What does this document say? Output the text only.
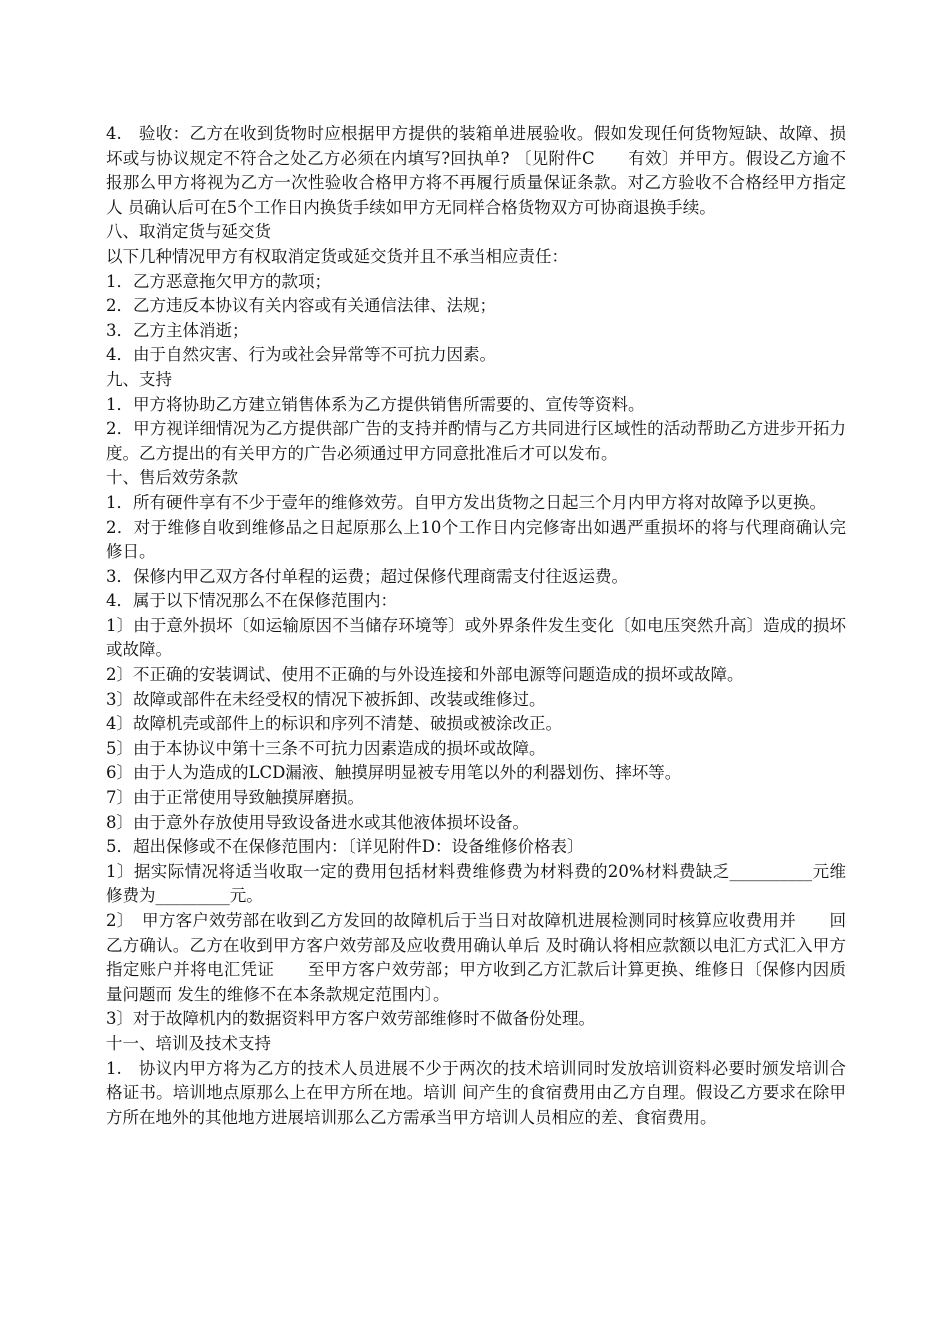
4.　验收：乙方在收到货物时应根据甲方提供的装箱单进展验收。假如发现任何货物短缺、故障、损坏或与协议规定不符合之处乙方必须在内填写?回执单? 〔见附件C　　有效〕并甲方。假设乙方逾不报那么甲方将视为乙方一次性验收合格甲方将不再履行质量保证条款。对乙方验收不合格经甲方指定人 员确认后可在5个工作日内换货手续如甲方无同样合格货物双方可协商退换手续。

八、取消定货与延交货

以下几种情况甲方有权取消定货或延交货并且不承当相应责任：

1．乙方恶意拖欠甲方的款项；

2．乙方违反本协议有关内容或有关通信法律、法规；

3．乙方主体消逝；

4．由于自然灾害、行为或社会异常等不可抗力因素。

九、支持

1．甲方将协助乙方建立销售体系为乙方提供销售所需要的、宣传等资料。

2．甲方视详细情况为乙方提供部广告的支持并酌情与乙方共同进行区域性的活动帮助乙方进步开拓力度。乙方提出的有关甲方的广告必须通过甲方同意批准后才可以发布。

十、售后效劳条款

1．所有硬件享有不少于壹年的维修效劳。自甲方发出货物之日起三个月内甲方将对故障予以更换。

2．对于维修自收到维修品之日起原那么上10个工作日内完修寄出如遇严重损坏的将与代理商确认完修日。

3．保修内甲乙双方各付单程的运费；超过保修代理商需支付往返运费。

4．属于以下情况那么不在保修范围内：

1〕由于意外损坏〔如运输原因不当储存环境等〕或外界条件发生变化〔如电压突然升高〕造成的损坏或故障。

2〕不正确的安装调试、使用不正确的与外设连接和外部电源等问题造成的损坏或故障。

3〕故障或部件在未经受权的情况下被拆卸、改装或维修过。

4〕故障机壳或部件上的标识和序列不清楚、破损或被涂改正。

5〕由于本协议中第十三条不可抗力因素造成的损坏或故障。

6〕由于人为造成的LCD漏液、触摸屏明显被专用笔以外的利器划伤、摔坏等。

7〕由于正常使用导致触摸屏磨损。

8〕由于意外存放使用导致设备进水或其他液体损坏设备。

5．超出保修或不在保修范围内：〔详见附件D：设备维修价格表〕

1〕据实际情况将适当收取一定的费用包括材料费维修费为材料费的20%材料费缺乏__________元维修费为_________元。

2〕　甲方客户效劳部在收到乙方发回的故障机后于当日对故障机进展检测同时核算应收费用并　　回乙方确认。乙方在收到甲方客户效劳部及应收费用确认单后 及时确认将相应款额以电汇方式汇入甲方指定账户并将电汇凭证　　至甲方客户效劳部；甲方收到乙方汇款后计算更换、维修日〔保修内因质量问题而 发生的维修不在本条款规定范围内〕。

3〕对于故障机内的数据资料甲方客户效劳部维修时不做备份处理。

十一、培训及技术支持

1.　协议内甲方将为乙方的技术人员进展不少于两次的技术培训同时发放培训资料必要时颁发培训合格证书。培训地点原那么上在甲方所在地。培训 间产生的食宿费用由乙方自理。假设乙方要求在除甲方所在地外的其他地方进展培训那么乙方需承当甲方培训人员相应的差、食宿费用。
